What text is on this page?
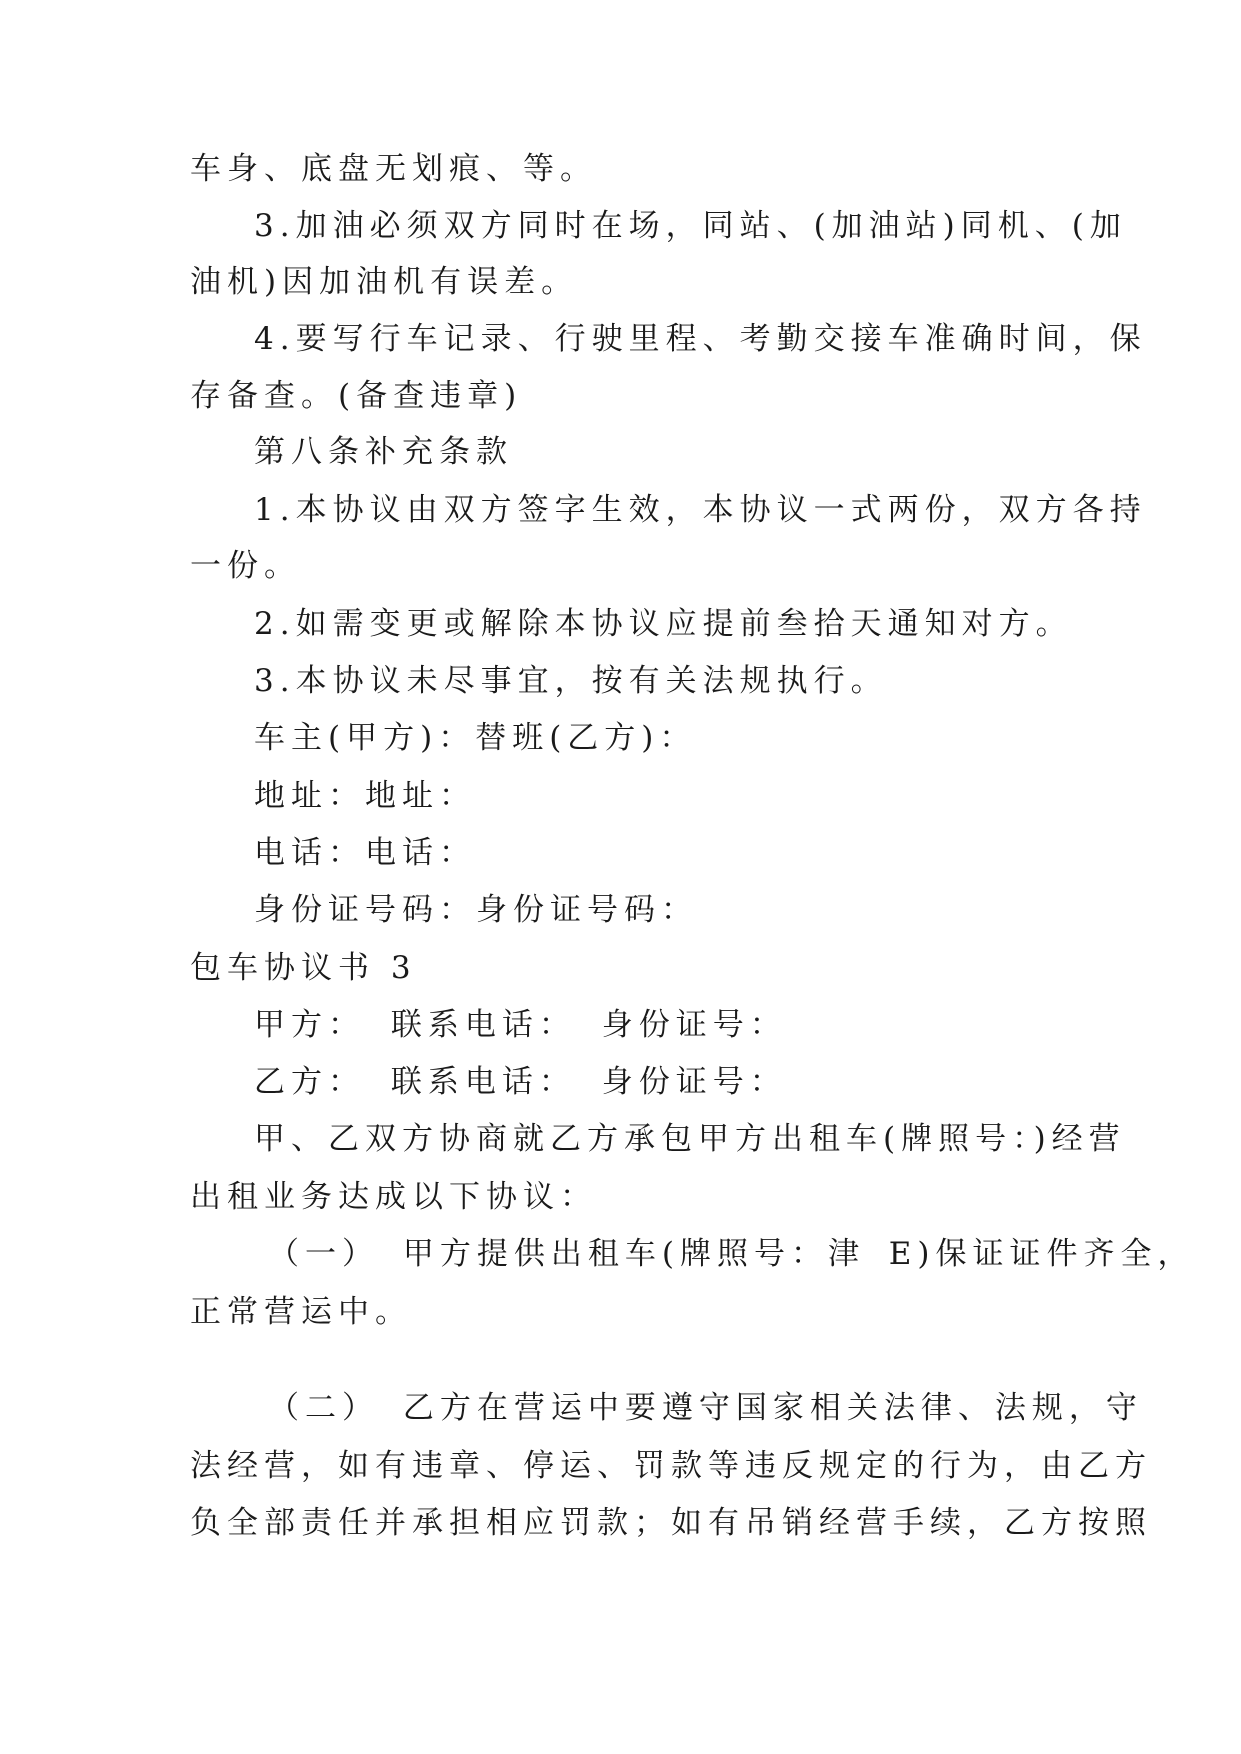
车身、底盘无划痕、等。
3.加油必须双方同时在场，同站、(加油站)同机、(加
油机)因加油机有误差。
4.要写行车记录、行驶里程、考勤交接车准确时间，保
存备查。(备查违章)
第八条补充条款
1.本协议由双方签字生效，本协议一式两份，双方各持
一份。
2.如需变更或解除本协议应提前叁拾天通知对方。
3.本协议未尽事宜，按有关法规执行。
车主(甲方)：替班(乙方)：
地址：地址：
电话：电话：
身份证号码：身份证号码：
包车协议书 3
甲方： 联系电话： 身份证号：
乙方： 联系电话： 身份证号：
甲、乙双方协商就乙方承包甲方出租车(牌照号：)经营
出租业务达成以下协议：
（一） 甲方提供出租车(牌照号：津 E)保证证件齐全，
正常营运中。
（二） 乙方在营运中要遵守国家相关法律、法规，守
法经营，如有违章、停运、罚款等违反规定的行为，由乙方
负全部责任并承担相应罚款；如有吊销经营手续，乙方按照
